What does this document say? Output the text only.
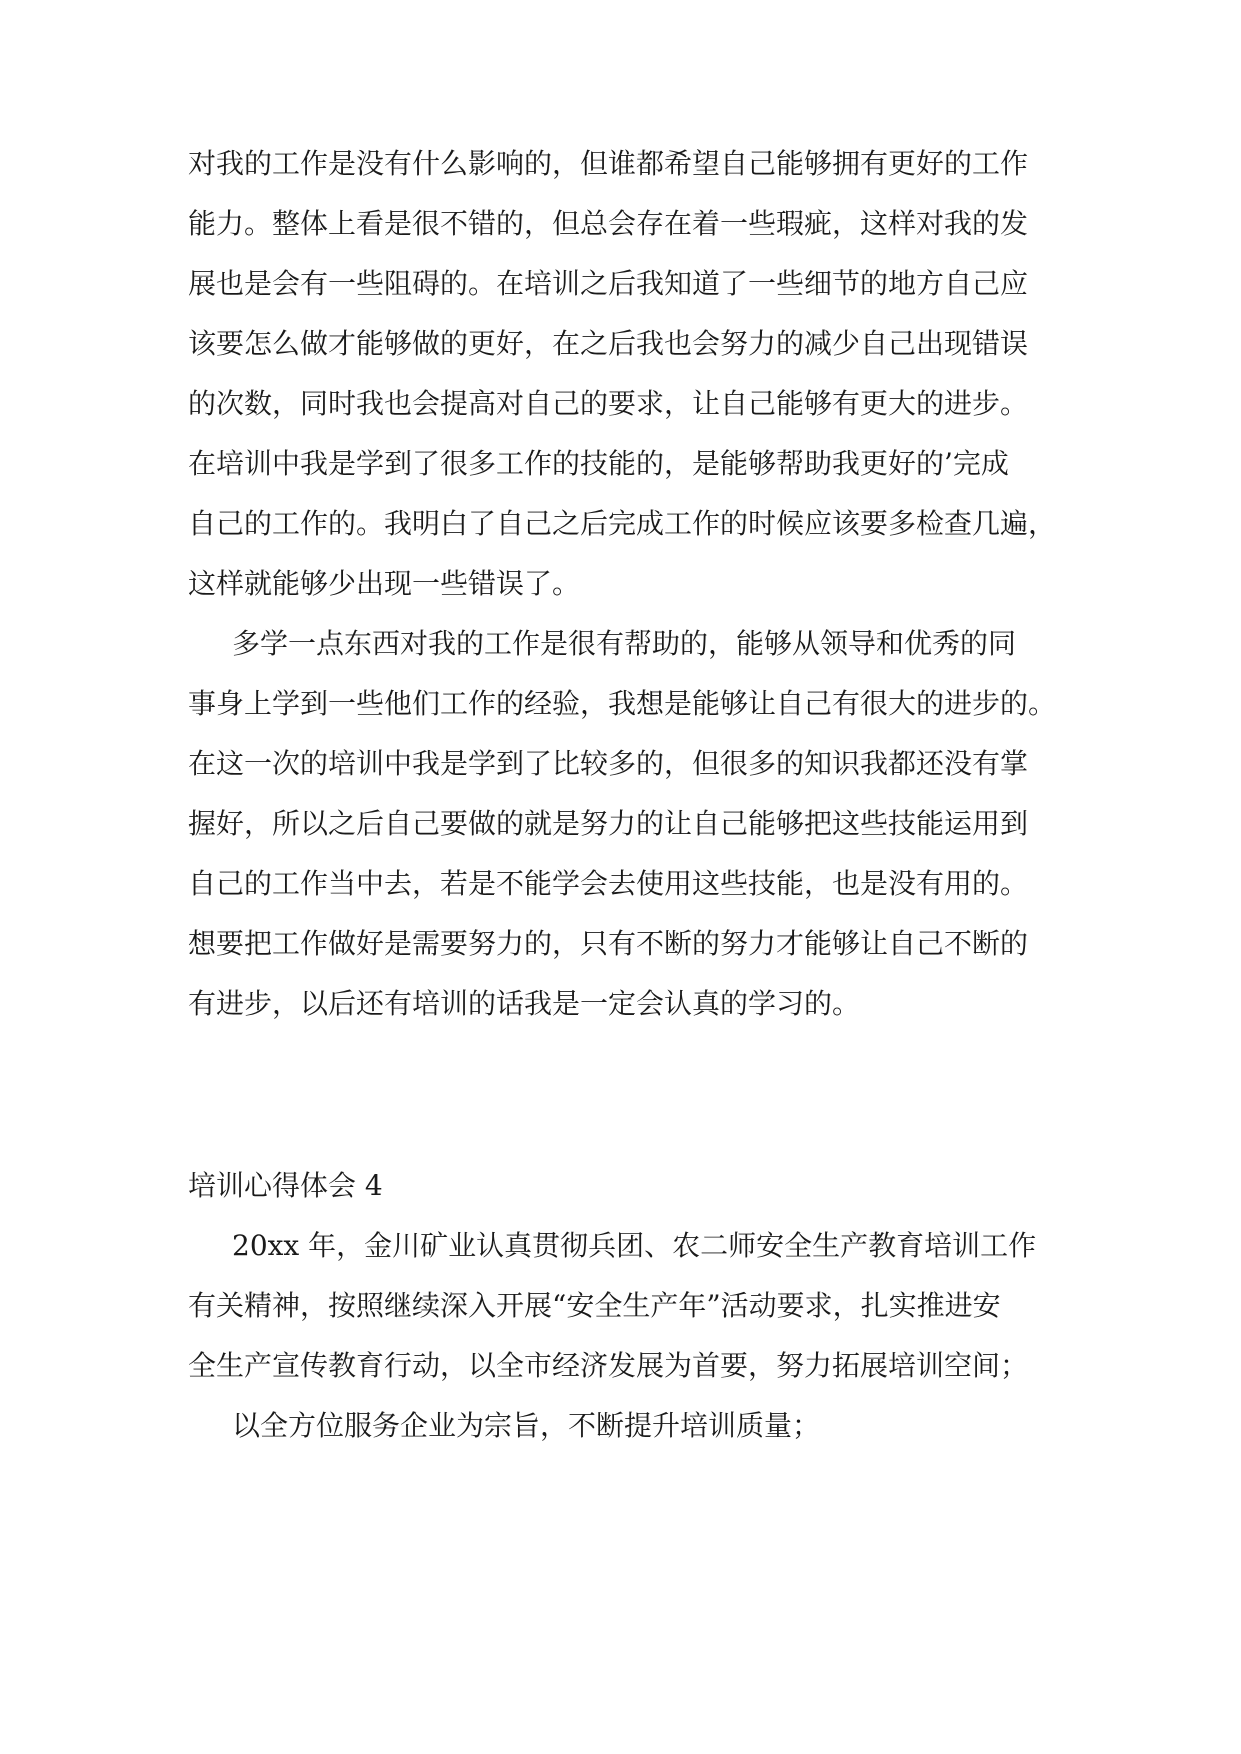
对我的工作是没有什么影响的，但谁都希望自己能够拥有更好的工作
能力。整体上看是很不错的，但总会存在着一些瑕疵，这样对我的发
展也是会有一些阻碍的。在培训之后我知道了一些细节的地方自己应
该要怎么做才能够做的更好，在之后我也会努力的减少自己出现错误
的次数，同时我也会提高对自己的要求，让自己能够有更大的进步。
在培训中我是学到了很多工作的技能的，是能够帮助我更好的’完成
自己的工作的。我明白了自己之后完成工作的时候应该要多检查几遍，
这样就能够少出现一些错误了。
多学一点东西对我的工作是很有帮助的，能够从领导和优秀的同
事身上学到一些他们工作的经验，我想是能够让自己有很大的进步的。
在这一次的培训中我是学到了比较多的，但很多的知识我都还没有掌
握好，所以之后自己要做的就是努力的让自己能够把这些技能运用到
自己的工作当中去，若是不能学会去使用这些技能，也是没有用的。
想要把工作做好是需要努力的，只有不断的努力才能够让自己不断的
有进步，以后还有培训的话我是一定会认真的学习的。
培训心得体会 4
20xx 年，金川矿业认真贯彻兵团、农二师安全生产教育培训工作
有关精神，按照继续深入开展“安全生产年”活动要求，扎实推进安
全生产宣传教育行动，以全市经济发展为首要，努力拓展培训空间；
以全方位服务企业为宗旨，不断提升培训质量；
